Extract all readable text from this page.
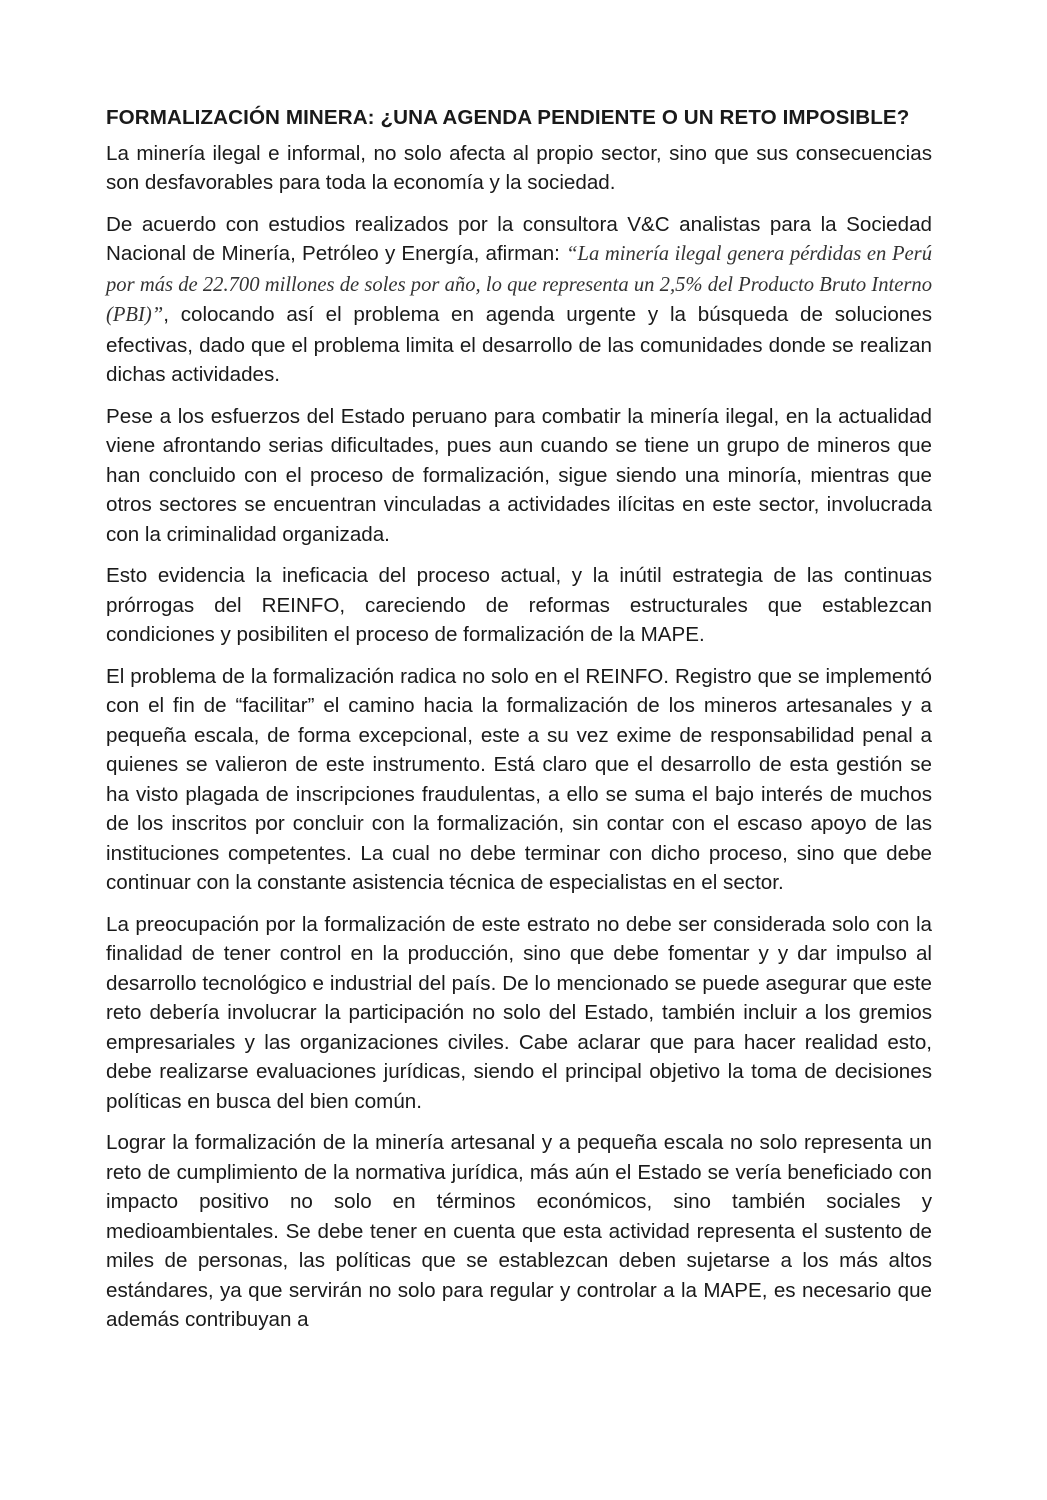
FORMALIZACIÓN MINERA: ¿UNA AGENDA PENDIENTE O UN RETO IMPOSIBLE?

La minería ilegal e informal, no solo afecta al propio sector, sino que sus consecuencias son desfavorables para toda la economía y la sociedad.

De acuerdo con estudios realizados por la consultora V&C analistas para la Sociedad Nacional de Minería, Petróleo y Energía, afirman: “La minería ilegal genera pérdidas en Perú por más de 22.700 millones de soles por año, lo que representa un 2,5% del Producto Bruto Interno (PBI)”, colocando así el problema en agenda urgente y la búsqueda de soluciones efectivas, dado que el problema limita el desarrollo de las comunidades donde se realizan dichas actividades.

Pese a los esfuerzos del Estado peruano para combatir la minería ilegal, en la actualidad viene afrontando serias dificultades, pues aun cuando se tiene un grupo de mineros que han concluido con el proceso de formalización, sigue siendo una minoría, mientras que otros sectores se encuentran vinculadas a actividades ilícitas en este sector, involucrada con la criminalidad organizada.

Esto evidencia la ineficacia del proceso actual, y la inútil estrategia de las continuas prórrogas del REINFO, careciendo de reformas estructurales que establezcan condiciones y posibiliten el proceso de formalización de la MAPE.

El problema de la formalización radica no solo en el REINFO. Registro que se implementó con el fin de “facilitar” el camino hacia la formalización de los mineros artesanales y a pequeña escala, de forma excepcional, este a su vez exime de responsabilidad penal a quienes se valieron de este instrumento. Está claro que el desarrollo de esta gestión se ha visto plagada de inscripciones fraudulentas, a ello se suma el bajo interés de muchos de los inscritos por concluir con la formalización, sin contar con el escaso apoyo de las instituciones competentes. La cual no debe terminar con dicho proceso, sino que debe continuar con la constante asistencia técnica de especialistas en el sector.

La preocupación por la formalización de este estrato no debe ser considerada solo con la finalidad de tener control en la producción, sino que debe fomentar y y dar impulso al desarrollo tecnológico e industrial del país. De lo mencionado se puede asegurar que este reto debería involucrar la participación no solo del Estado, también incluir a los gremios empresariales y las organizaciones civiles. Cabe aclarar que para hacer realidad esto, debe realizarse evaluaciones jurídicas, siendo el principal objetivo la toma de decisiones políticas en busca del bien común.

Lograr la formalización de la minería artesanal y a pequeña escala no solo representa un reto de cumplimiento de la normativa jurídica, más aún el Estado se vería beneficiado con impacto positivo no solo en términos económicos, sino también sociales y medioambientales. Se debe tener en cuenta que esta actividad representa el sustento de miles de personas, las políticas que se establezcan deben sujetarse a los más altos estándares, ya que servirán no solo para regular y controlar a la MAPE, es necesario que además contribuyan a
